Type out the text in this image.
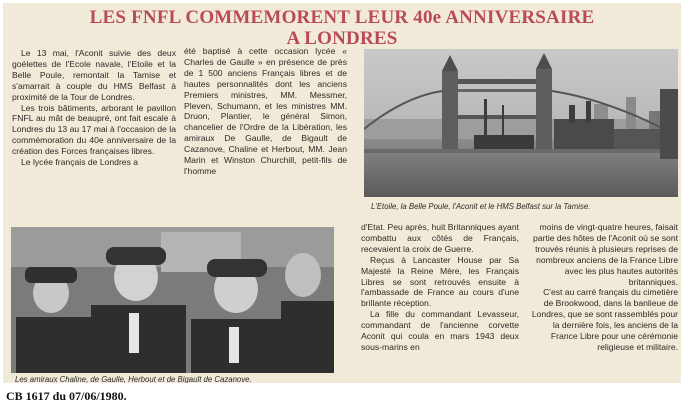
LES FNFL COMMEMORENT LEUR 40e ANNIVERSAIRE
A LONDRES

Le 13 mai, l'Aconit suivie des deux goélettes de l'Ecole navale, l'Etoile et la Belle Poule, remontait la Tamise et s'amarrait à couple du HMS Belfast à proximité de la Tour de Londres.

Les trois bâtiments, arborant le pavillon FNFL au mât de beaupré, ont fait escale à Londres du 13 au 17 mai à l'occasion de la commémoration du 40e anniversaire de la création des Forces françaises libres.

Le lycée français de Londres a

été baptisé à cette occasion lycée « Charles de Gaulle » en présence de près de 1 500 anciens Français libres et de hautes personnalités dont les anciens Premiers ministres, MM. Messmer, Pleven, Schumann, et les ministres MM. Druon, Plantier, le général Simon, chancelier de l'Ordre de la Libération, les amiraux De Gaulle, de Bigault de Cazanove, Chaline et Herbout, MM. Jean Marin et Winston Churchill, petit-fils de l'homme

L'Etoile, la Belle Poule, l'Aconit et le HMS Belfast sur la Tamise.
Les amiraux Chaline, de Gaulle, Herbout et de Bigault de Cazanove.

d'Etat. Peu après, huit Britanniques ayant combattu aux côtés de Français, recevaient la croix de Guerre.

Reçus à Lancaster House par Sa Majesté la Reine Mère, les Français Libres se sont retrouvés ensuite à l'ambassade de France au cours d'une brillante réception.

La fille du commandant Levasseur, commandant de l'ancienne corvette Aconit qui coula en mars 1943 deux sous-marins en

moins de vingt-quatre heures, faisait partie des hôtes de l'Aconit où se sont trouvés réunis à plusieurs reprises de nombreux anciens de la France Libre avec les plus hautes autorités britanniques.

C'est au carré français du cimetière de Brookwood, dans la banlieue de Londres, que se sont rassemblés pour la dernière fois, les anciens de la France Libre pour une cérémonie religieuse et militaire.

CB 1617 du 07/06/1980.
